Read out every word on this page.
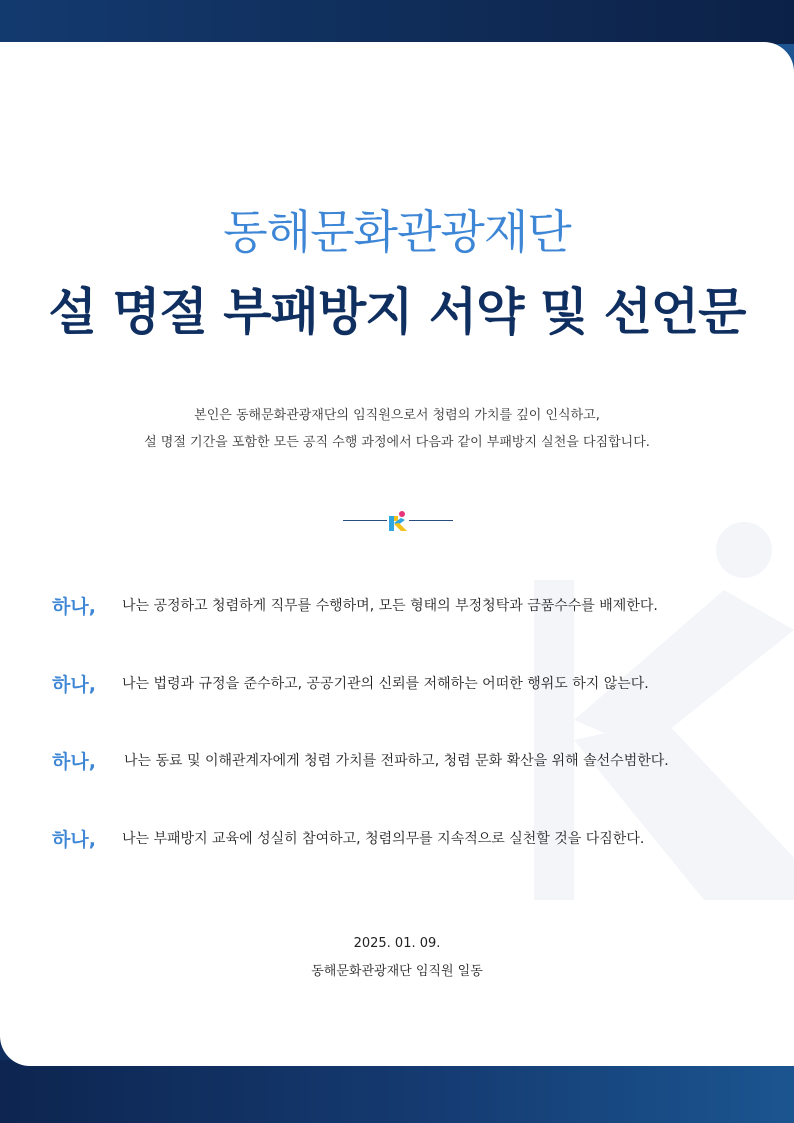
동해문화관광재단
설 명절 부패방지 서약 및 선언문
본인은 동해문화관광재단의 임직원으로서 청렴의 가치를 깊이 인식하고,
설 명절 기간을 포함한 모든 공직 수행 과정에서 다음과 같이 부패방지 실천을 다짐합니다.
하나, 나는 공정하고 청렴하게 직무를 수행하며, 모든 형태의 부정청탁과 금품수수를 배제한다.
하나, 나는 법령과 규정을 준수하고, 공공기관의 신뢰를 저해하는 어떠한 행위도 하지 않는다.
하나, 나는 동료 및 이해관계자에게 청렴 가치를 전파하고, 청렴 문화 확산을 위해 솔선수범한다.
하나, 나는 부패방지 교육에 성실히 참여하고, 청렴의무를 지속적으로 실천할 것을 다짐한다.
2025. 01. 09.
동해문화관광재단 임직원 일동
